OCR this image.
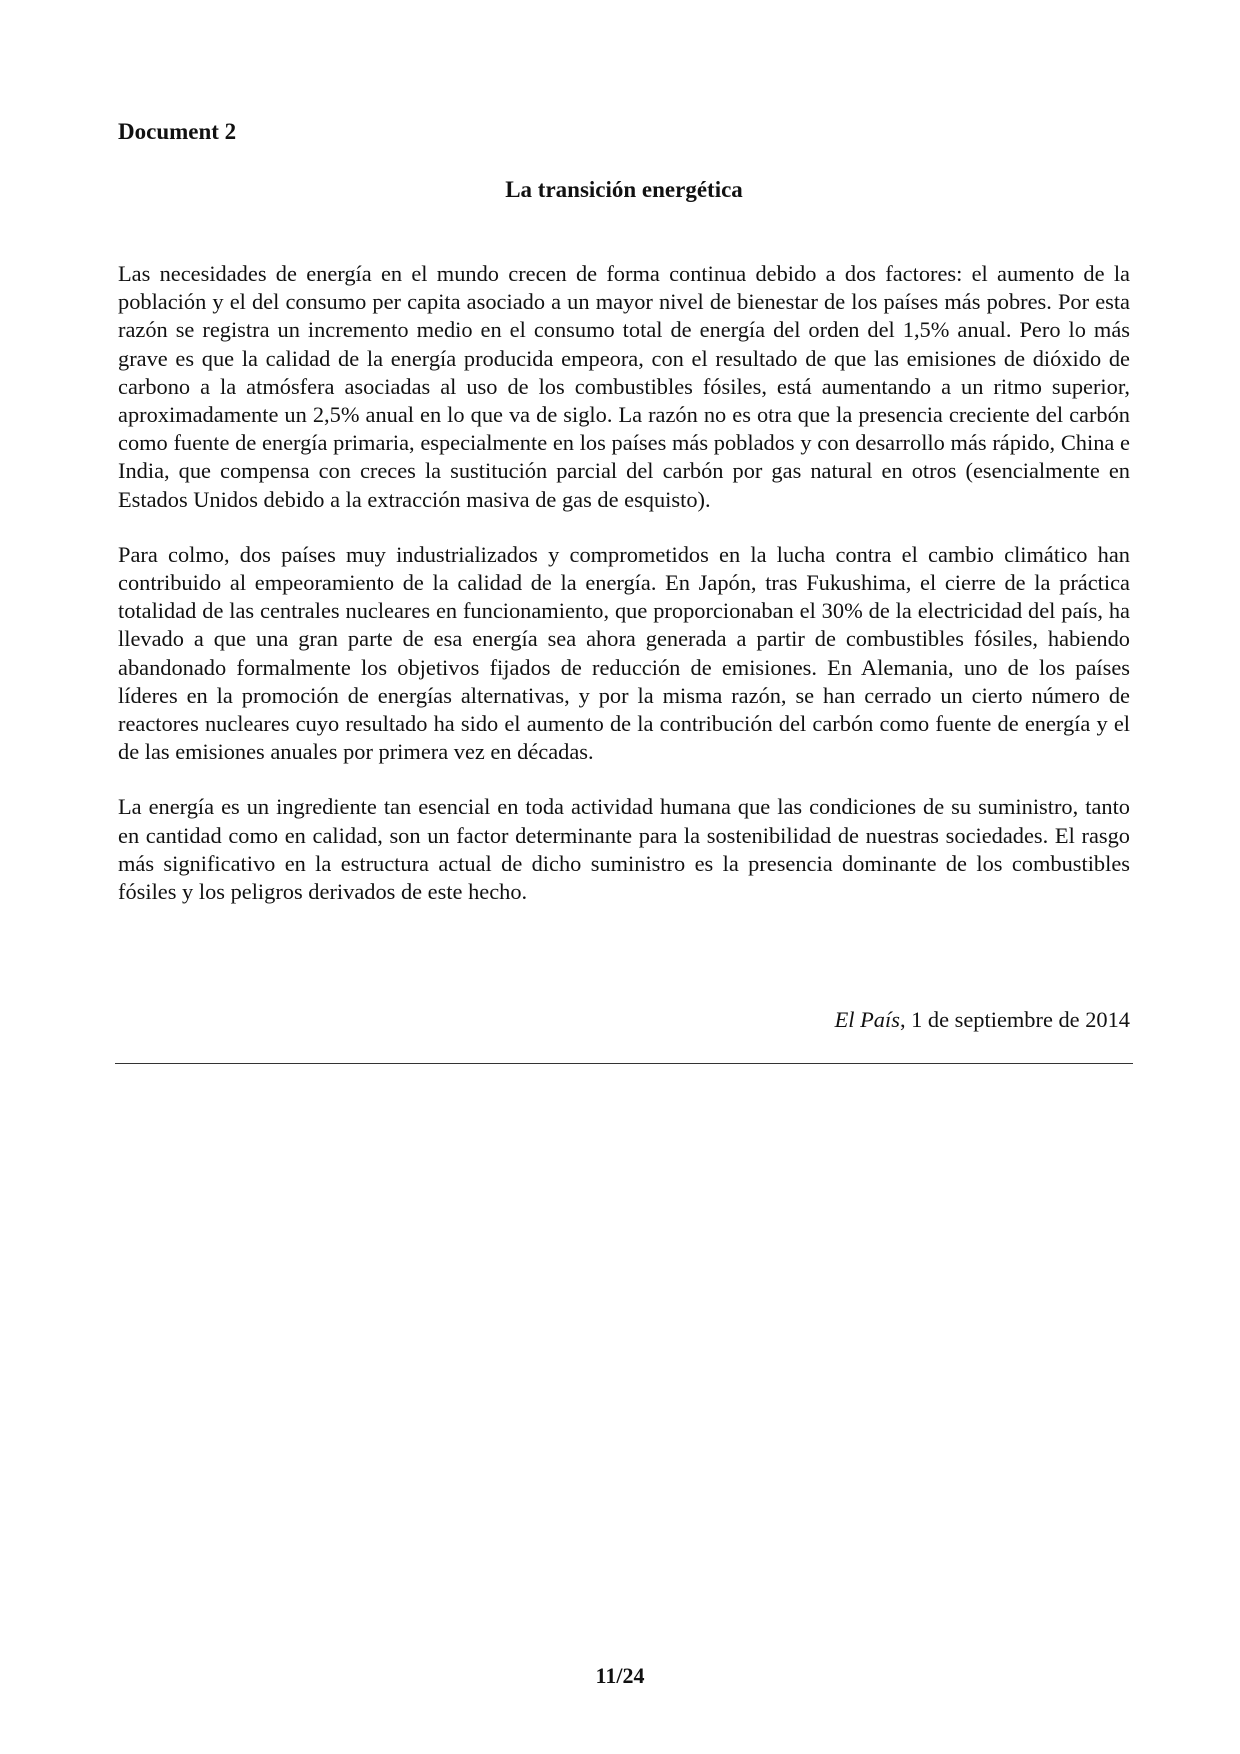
Document 2
La transición energética

Las necesidades de energía en el mundo crecen de forma continua debido a dos factores: el aumento de la población y el del consumo per capita asociado a un mayor nivel de bienestar de los países más pobres. Por esta razón se registra un incremento medio en el consumo total de energía del orden del 1,5% anual. Pero lo más grave es que la calidad de la energía producida empeora, con el resultado de que las emisiones de dióxido de carbono a la atmósfera asociadas al uso de los combustibles fósiles, está aumentando a un ritmo superior, aproximadamente un 2,5% anual en lo que va de siglo. La razón no es otra que la presencia creciente del carbón como fuente de energía primaria, especialmente en los países más poblados y con desarrollo más rápido, China e India, que compensa con creces la sustitución parcial del carbón por gas natural en otros (esencialmente en Estados Unidos debido a la extracción masiva de gas de esquisto).

Para colmo, dos países muy industrializados y comprometidos en la lucha contra el cambio climático han contribuido al empeoramiento de la calidad de la energía. En Japón, tras Fukushima, el cierre de la práctica totalidad de las centrales nucleares en funcionamiento, que proporcionaban el 30% de la electricidad del país, ha llevado a que una gran parte de esa energía sea ahora generada a partir de combustibles fósiles, habiendo abandonado formalmente los objetivos fijados de reducción de emisiones. En Alemania, uno de los países líderes en la promoción de energías alternativas, y por la misma razón, se han cerrado un cierto número de reactores nucleares cuyo resultado ha sido el aumento de la contribución del carbón como fuente de energía y el de las emisiones anuales por primera vez en décadas.

La energía es un ingrediente tan esencial en toda actividad humana que las condiciones de su suministro, tanto en cantidad como en calidad, son un factor determinante para la sostenibilidad de nuestras sociedades. El rasgo más significativo en la estructura actual de dicho suministro es la presencia dominante de los combustibles fósiles y los peligros derivados de este hecho.

El País, 1 de septiembre de 2014
11/24
